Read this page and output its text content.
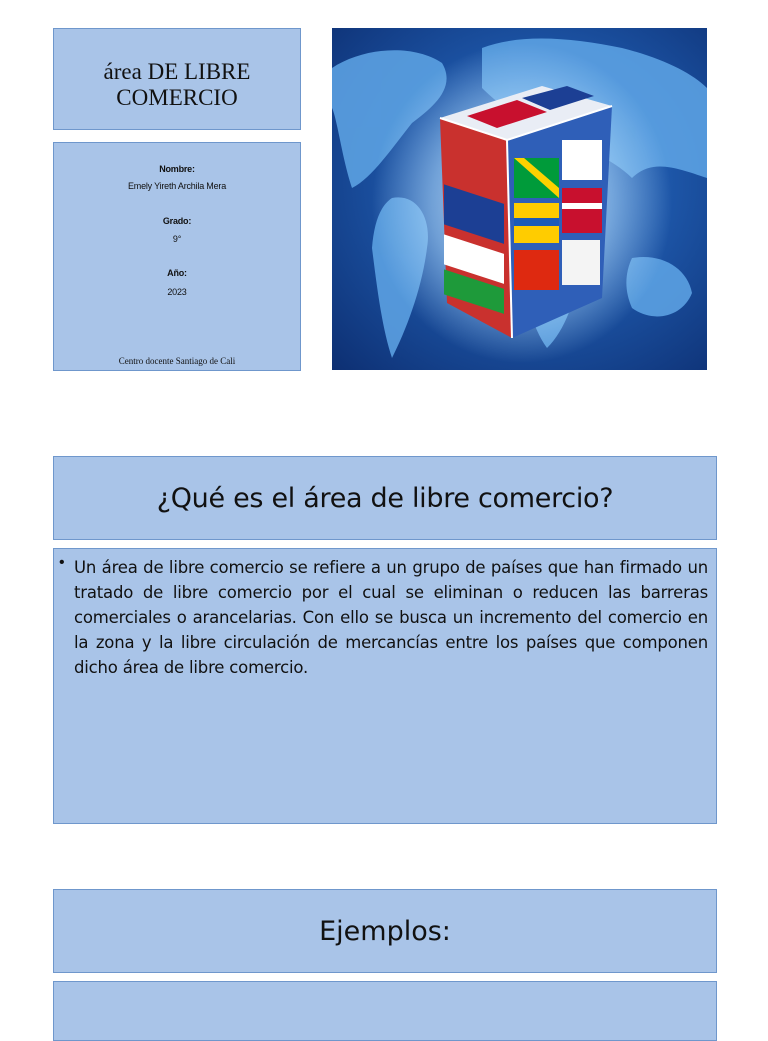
área DE LIBRE COMERCIO
Nombre:
Emely Yireth Archila Mera
Grado:
9°
Año:
2023
Centro docente Santiago de Cali
¿Qué es el área de libre comercio?
• Un área de libre comercio se refiere a un grupo de países que han firmado un tratado de libre comercio por el cual se eliminan o reducen las barreras comerciales o arancelarias. Con ello se busca un incremento del comercio en la zona y la libre circulación de mercancías entre los países que componen dicho área de libre comercio.
Ejemplos:
